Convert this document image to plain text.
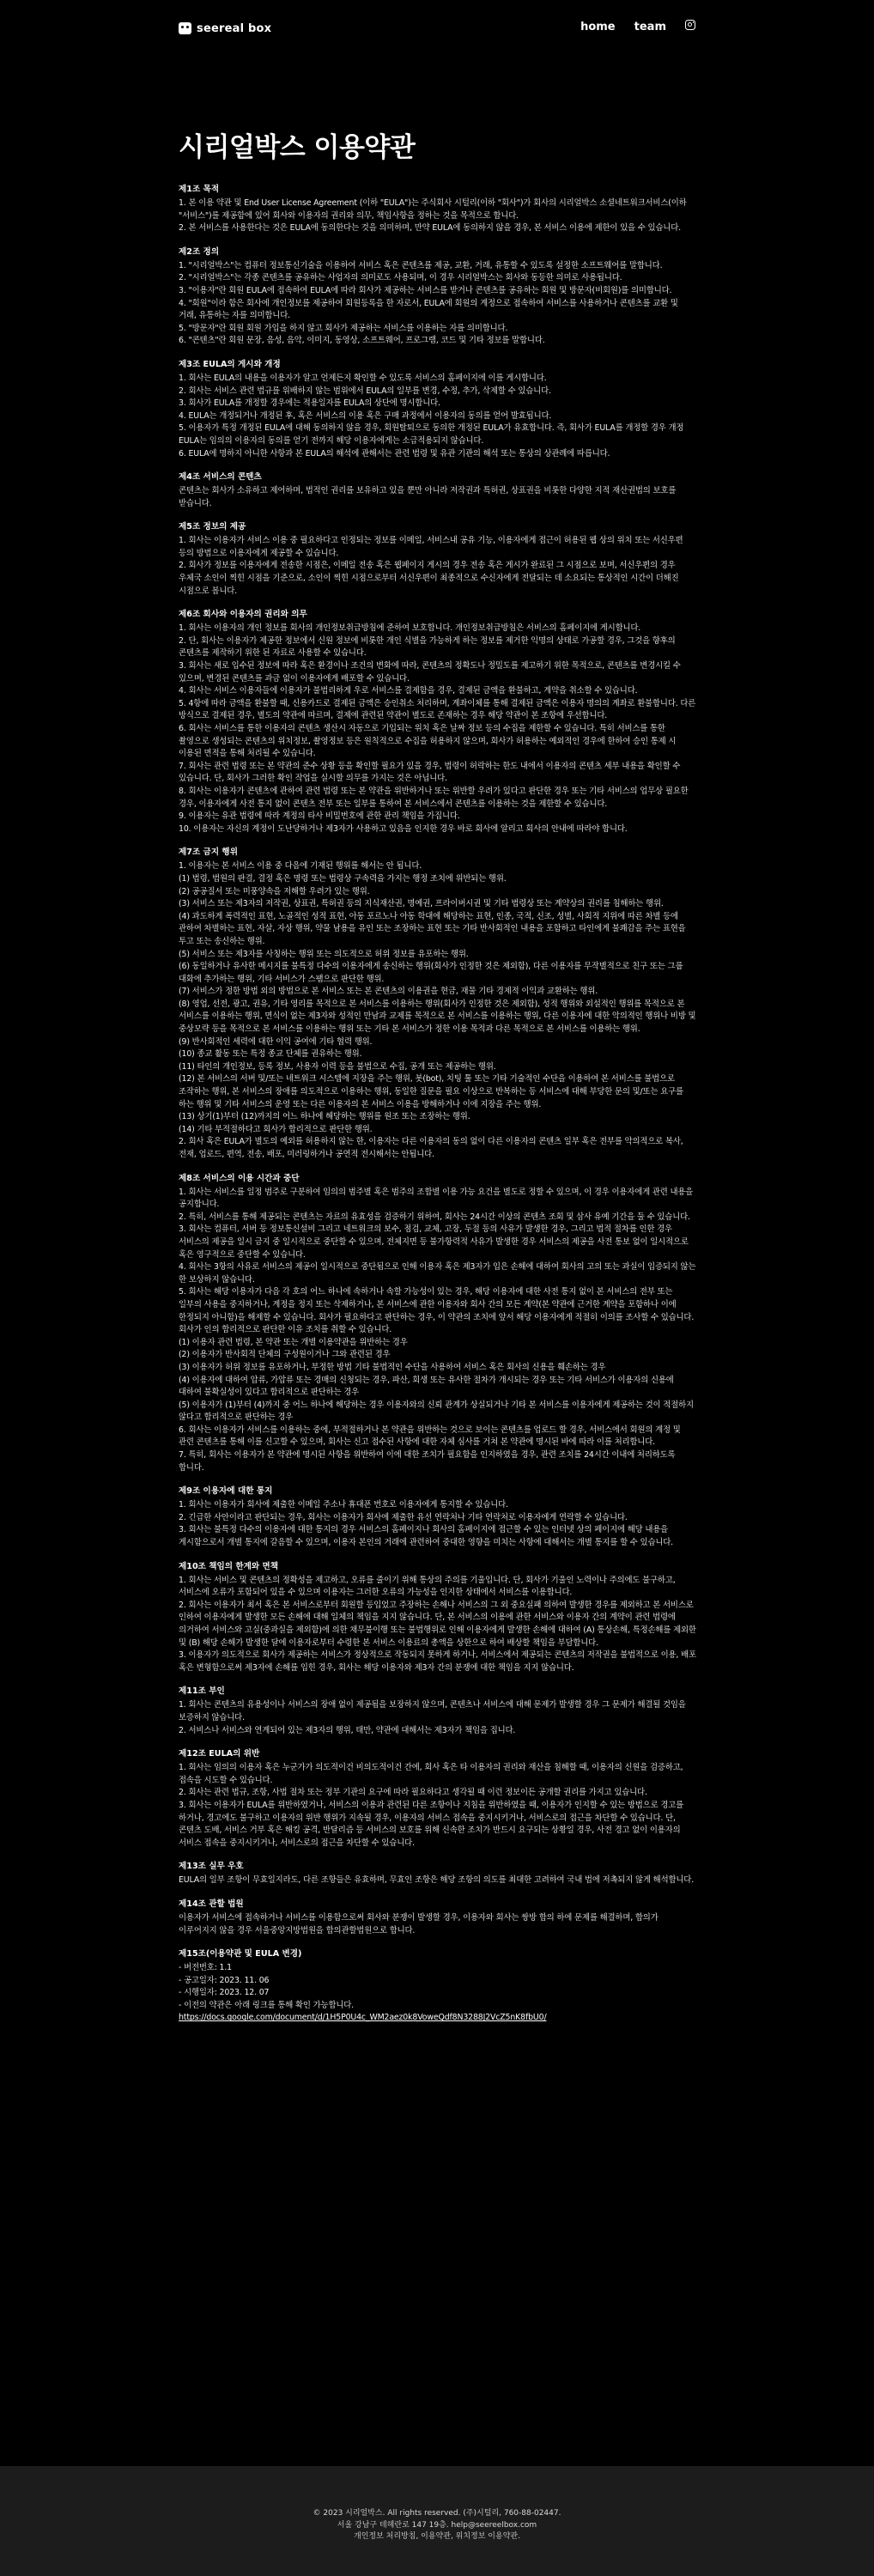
seereal box	home team
시리얼박스 이용약관
제1조 목적

1. 본 이용 약관 및 End User License Agreement (이하 "EULA")는 주식회사 시털리(이하 "회사")가 회사의 시리얼박스 소셜네트워크서비스(이하 "서비스")를 제공함에 있어 회사와 이용자의 권리와 의무, 책임사항을 정하는 것을 목적으로 합니다.

2. 본 서비스를 사용한다는 것은 EULA에 동의한다는 것을 의미하며, 만약 EULA에 동의하지 않을 경우, 본 서비스 이용에 제한이 있을 수 있습니다.

제2조 정의

1. "시리얼박스"는 컴퓨터 정보통신기술을 이용하여 서비스 혹은 콘텐츠를 제공, 교환, 거래, 유통할 수 있도록 설정한 소프트웨어를 말합니다.

2. "시리얼박스"는 각종 콘텐츠를 공유하는 사업자의 의미로도 사용되며, 이 경우 시리얼박스는 회사와 동등한 의미로 사용됩니다.

3. "이용자"란 회원 EULA에 접속하여 EULA에 따라 회사가 제공하는 서비스를 받거나 콘텐츠를 공유하는 회원 및 방문자(비회원)를 의미합니다.

4. "회원"이라 함은 회사에 개인정보를 제공하여 회원등록을 한 자로서, EULA에 회원의 계정으로 접속하여 서비스를 사용하거나 콘텐츠를 교환 및 거래, 유통하는 자를 의미합니다.

5. "방문자"란 회원 회원 가입을 하지 않고 회사가 제공하는 서비스를 이용하는 자를 의미합니다.

6. "콘텐츠"란 회원 문장, 음성, 음악, 이미지, 동영상, 소프트웨어, 프로그램, 코드 및 기타 정보를 말합니다.

제3조 EULA의 게시와 개정

1. 회사는 EULA의 내용을 이용자가 알고 언제든지 확인할 수 있도록 서비스의 홈페이지에 이를 게시합니다.

2. 회사는 서비스 관련 법규를 위배하지 않는 범위에서 EULA의 일부를 변경, 수정, 추가, 삭제할 수 있습니다.

3. 회사가 EULA를 개정할 경우에는 적용일자를 EULA의 상단에 명시합니다.

4. EULA는 개정되거나 개정된 후, 혹은 서비스의 이용 혹은 구매 과정에서 이용자의 동의를 얻어 발효됩니다.

5. 이용자가 특정 개정된 EULA에 대해 동의하지 않을 경우, 회원탈퇴으로 동의한 개정된 EULA가 유효합니다. 즉, 회사가 EULA를 개정할 경우 개정 EULA는 임의의 이용자의 동의를 얻기 전까지 해당 이용자에게는 소급적용되지 않습니다.

6. EULA에 명하지 아니한 사항과 본 EULA의 해석에 관해서는 관련 법령 및 유관 기관의 해석 또는 통상의 상관례에 따릅니다.

제4조 서비스의 콘텐츠

콘텐츠는 회사가 소유하고 제어하며, 법적인 권리를 보유하고 있을 뿐만 아니라 저작권과 특허권, 상표권을 비롯한 다양한 지적 재산권법의 보호를 받습니다.

제5조 정보의 제공

1. 회사는 이용자가 서비스 이용 중 필요하다고 인정되는 정보를 이메일, 서비스내 공유 기능, 이용자에게 접근이 허용된 웹 상의 위치 또는 서신우편 등의 방법으로 이용자에게 제공할 수 있습니다.

2. 회사가 정보를 이용자에게 전송한 시점은, 이메일 전송 혹은 웹페이지 게시의 경우 전송 혹은 게시가 완료된 그 시점으로 보며, 서신우편의 경우 우체국 소인이 찍힌 시점을 기준으로, 소인이 찍힌 시점으로부터 서신우편이 최종적으로 수신자에게 전달되는 데 소요되는 통상적인 시간이 더해진 시점으로 봅니다.

제6조 회사와 이용자의 권리와 의무

1. 회사는 이용자의 개인 정보를 회사의 개인정보취급방침에 준하여 보호합니다. 개인정보취급방침은 서비스의 홈페이지에 게시합니다.

2. 단, 회사는 이용자가 제공한 정보에서 신원 정보에 비롯한 개인 식별을 가능하게 하는 정보를 제거한 익명의 상태로 가공할 경우, 그것을 향후의 콘텐츠를 제작하기 위한 된 자료로 사용할 수 있습니다.

3. 회사는 새로 입수된 정보에 따라 혹은 환경이나 조건의 변화에 따라, 콘텐츠의 정확도나 정밀도를 제고하기 위한 목적으로, 콘텐츠를 변경시킬 수 있으며, 변경된 콘텐츠를 과금 없이 이용자에게 배포할 수 있습니다.

4. 회사는 서비스 이용자들에 이용자가 불법리하게 우로 서비스를 결제함을 경우, 결제된 금액을 환불하고, 계약을 취소할 수 있습니다.

5. 4항에 따라 금액을 환불할 때, 신용카드로 결제된 금액은 승인취소 처리하며, 계좌이체를 통해 결제된 금액은 이용자 명의의 계좌로 환불합니다. 다른 방식으로 결제된 경우, 별도의 약관에 따르며, 결제에 관련된 약관이 별도로 존재하는 경우 해당 약관이 본 조항에 우선합니다.

6. 회사는 서비스를 통한 이용자의 콘텐츠 생산시 자동으로 기입되는 위치 혹은 날짜 정보 등의 수집을 제한할 수 있습니다. 특히 서비스를 통한 촬영으로 생성되는 콘텐츠의 위치정보, 촬영정보 등은 원칙적으로 수집을 허용하지 않으며, 회사가 허용하는 예외적인 경우에 한하여 승인 통제 시 이용된 면적을 통해 처리될 수 있습니다.

7. 회사는 관련 법령 또는 본 약관의 준수 상황 등을 확인할 필요가 있을 경우, 법령이 허락하는 한도 내에서 이용자의 콘텐츠 세부 내용을 확인할 수 있습니다. 단, 회사가 그러한 확인 작업을 실시할 의무를 가지는 것은 아닙니다.

8. 회사는 이용자가 콘텐츠에 관하여 관련 법령 또는 본 약관을 위반하거나 또는 위반할 우려가 있다고 판단한 경우 또는 기타 서비스의 업무상 필요한 경우, 이용자에게 사전 통지 없이 콘텐츠 전부 또는 일부를 통하여 본 서비스에서 콘텐츠를 이용하는 것을 제한할 수 있습니다.

9. 이용자는 유관 법령에 따라 계정의 타사 비밀번호에 관한 관리 책임을 가집니다.

10. 이용자는 자신의 계정이 도난당하거나 제3자가 사용하고 있음을 인지한 경우 바로 회사에 알리고 회사의 안내에 따라야 합니다.

제7조 금지 행위

1. 이용자는 본 서비스 이용 중 다음에 기재된 행위를 해서는 안 됩니다.

(1) 법령, 법원의 판결, 결정 혹은 명령 또는 법령상 구속력을 가지는 행정 조치에 위반되는 행위.

(2) 공공질서 또는 미풍양속을 저해할 우려가 있는 행위.

(3) 서비스 또는 제3자의 저작권, 상표권, 특허권 등의 지식재산권, 명예권, 프라이버시권 및 기타 법령상 또는 계약상의 권리를 침해하는 행위.

(4) 과도하게 폭력적인 표현, 노골적인 성적 표현, 아동 포르노나 아동 학대에 해당하는 표현, 인종, 국적, 신조, 성별, 사회적 지위에 따른 차별 등에 관하여 차별하는 표현, 자살, 자상 행위, 약물 남용을 유인 또는 조장하는 표현 또는 기타 반사회적인 내용을 포함하고 타인에게 불쾌감을 주는 표현을 투고 또는 송신하는 행위.

(5) 서비스 또는 제3자를 사칭하는 행위 또는 의도적으로 허위 정보를 유포하는 행위.

(6) 동일하거나 유사한 메시지를 불특정 다수의 이용자에게 송신하는 행위(회사가 인정한 것은 제외함), 다른 이용자를 무작별적으로 친구 또는 그룹 대화에 추가하는 행위, 기타 서비스가 스팸으로 판단한 행위.

(7) 서비스가 정한 방법 외의 방법으로 본 서비스 또는 본 콘텐츠의 이용권을 현금, 재물 기타 경제적 이익과 교환하는 행위.

(8) 영업, 선전, 광고, 권유, 기타 영리를 목적으로 본 서비스를 이용하는 행위(회사가 인정한 것은 제외함), 성적 행위와 외설적인 행위를 목적으로 본 서비스를 이용하는 행위, 면식이 없는 제3자와 성적인 만남과 교제를 목적으로 본 서비스를 이용하는 행위, 다른 이용자에 대한 악의적인 행위나 비방 및 중상모략 등을 목적으로 본 서비스를 이용하는 행위 또는 기타 본 서비스가 정한 이용 목적과 다른 목적으로 본 서비스를 이용하는 행위.

(9) 반사회적인 세력에 대한 이익 공여에 기타 협력 행위.

(10) 종교 활동 또는 특정 종교 단체를 권유하는 행위.

(11) 타인의 개인정보, 등록 정보, 사용자 이력 등을 불법으로 수집, 공개 또는 제공하는 행위.

(12) 본 서비스의 서버 및/또는 네트워크 시스템에 지장을 주는 행위, 봇(bot), 치팅 툴 또는 기타 기술적인 수단을 이용하여 본 서비스를 불법으로 조작하는 행위, 본 서비스의 장애를 의도적으로 이용하는 행위, 동일한 질문을 필요 이상으로 반복하는 등 서비스에 대해 부당한 문의 및/또는 요구를 하는 행위 및 기타 서비스의 운영 또는 다른 이용자의 본 서비스 이용을 방해하거나 이에 지장을 주는 행위.

(13) 상기(1)부터 (12)까지의 어느 하나에 해당하는 행위를 원조 또는 조장하는 행위.

(14) 기타 부적절하다고 회사가 합리적으로 판단한 행위.

2. 회사 혹은 EULA가 별도의 예외를 허용하지 않는 한, 이용자는 다른 이용자의 동의 없이 다른 이용자의 콘텐츠 일부 혹은 전부를 악의적으로 복사, 전재, 업로드, 편역, 전송, 배포, 미러링하거나 공연적 전시해서는 안됩니다.

제8조 서비스의 이용 시간과 중단

1. 회사는 서비스를 일정 범주로 구분하여 임의의 범주별 혹은 범주의 조합별 이용 가능 요건을 별도로 정할 수 있으며, 이 경우 이용자에게 관련 내용을 공지합니다.

2. 특히, 서비스를 통해 제공되는 콘텐츠는 자료의 유효성을 검증하기 위하여, 회사는 24시간 이상의 콘텐츠 조회 및 삼사 유예 기간을 둘 수 있습니다.

3. 회사는 컴퓨터, 서버 등 정보통신설비 그리고 네트워크의 보수, 점검, 교체, 고장, 두절 등의 사유가 발생한 경우, 그리고 법적 절차를 인한 경우 서비스의 제공을 일시 금지 중 일시적으로 중단할 수 있으며, 전체지면 등 불가항력적 사유가 발생한 경우 서비스의 제공을 사전 통보 없이 일시적으로 혹은 영구적으로 중단할 수 있습니다.

4. 회사는 3항의 사유로 서비스의 제공이 일시적으로 중단됨으로 인해 이용자 혹은 제3자가 입은 손해에 대하여 회사의 고의 또는 과실이 입증되지 않는 한 보상하지 않습니다.

5. 회사는 해당 이용자가 다음 각 호의 어느 하나에 속하거나 속할 가능성이 있는 경우, 해당 이용자에 대한 사전 통지 없이 본 서비스의 전부 또는 일부의 사용을 중지하거나, 계정을 정지 또는 삭제하거나, 본 서비스에 관한 이용자와 회사 간의 모든 계약(본 약관에 근거한 계약을 포함하나 이에 한정되지 아니함)을 해제할 수 있습니다. 회사가 필요하다고 판단하는 경우, 이 약관의 조치에 앞서 해당 이용자에게 적절히 이의를 조사할 수 있습니다. 회사가 인의 합리적으로 판단한 이유 조치를 취할 수 있습니다.

(1) 이용자 관련 법령, 본 약관 또는 개별 이용약관을 위반하는 경우

(2) 이용자가 반사회적 단체의 구성원이거나 그와 관련된 경우

(3) 이용자가 허위 정보를 유포하거나, 부정한 방법 기타 불법적인 수단을 사용하여 서비스 혹은 회사의 신용을 훼손하는 경우

(4) 이용자에 대하여 압류, 가압류 또는 경매의 신청되는 경우, 파산, 회생 또는 유사한 절차가 개시되는 경우 또는 기타 서비스가 이용자의 신용에 대하여 불확실성이 있다고 합리적으로 판단하는 경우

(5) 이용자가 (1)부터 (4)까지 중 어느 하나에 해당하는 경우 이용자와의 신뢰 관계가 상실되거나 기타 본 서비스를 이용자에게 제공하는 것이 적절하지 않다고 합리적으로 판단하는 경우

6. 회사는 이용자가 서비스를 이용하는 중에, 부적절하거나 본 약관을 위반하는 것으로 보이는 콘텐츠를 업로드 할 경우, 서비스에서 회원의 계정 및 관련 콘텐츠를 통해 이를 신고할 수 있으며, 회사는 신고 접수된 사항에 대한 자체 심사를 거쳐 본 약관에 명시된 바에 따라 이를 처리합니다.

7. 특히, 회사는 이용자가 본 약관에 명시된 사항을 위반하여 이에 대한 조치가 필요함을 인지하였을 경우, 관련 조치를 24시간 이내에 처리하도록 합니다.

제9조 이용자에 대한 통지

1. 회사는 이용자가 회사에 제출한 이메일 주소나 휴대폰 번호로 이용자에게 통지할 수 있습니다.

2. 긴급한 사안이라고 판단되는 경우, 회사는 이용자가 회사에 제출한 유선 연락처나 기타 연락처로 이용자에게 연락할 수 있습니다.

3. 회사는 불특정 다수의 이용자에 대한 통지의 경우 서비스의 홈페이지나 회사의 홈페이지에 접근할 수 있는 인터넷 상의 페이지에 해당 내용을 게시함으로서 개별 통지에 갈음할 수 있으며, 이용자 본인의 거래에 관련하여 중대한 영향을 미치는 사항에 대해서는 개별 통지를 할 수 있습니다.

제10조 책임의 한계와 면책

1. 회사는 서비스 및 콘텐츠의 정확성을 제고하고, 오류를 줄이기 위해 통상의 주의를 기울입니다. 단, 회사가 기울인 노력이나 주의에도 불구하고, 서비스에 오류가 포함되어 있을 수 있으며 이용자는 그러한 오류의 가능성을 인지한 상태에서 서비스를 이용합니다.

2. 회사는 이용자가 최서 혹은 본 서비스로부터 회원할 등입었고 주장하는 손해나 서비스의 그 외 중요실패 의하여 발생한 경우를 제외하고 본 서비스로 인하여 이용자에게 발생한 모든 손해에 대해 일체의 책임을 지지 않습니다. 단, 본 서비스의 이용에 관한 서비스와 이용자 간의 계약이 관련 법령에 의거하여 서비스와 고실(중과실을 제외함)에 의한 채무불이행 또는 불법행위로 인해 이용자에게 발생한 손해에 대하여 (A) 통상손해, 특정손해를 제외한 및 (B) 해당 손해가 발생한 달에 이용자로부터 수령한 본 서비스 이용료의 총액을 상한으로 하여 배상할 책임을 부담합니다.

3. 이용자가 의도적으로 회사가 제공하는 서비스가 정상적으로 작동되지 못하게 하거나, 서비스에서 제공되는 콘텐츠의 저작권을 불법적으로 이용, 배포 혹은 변형함으로써 제3자에 손해를 입힌 경우, 회사는 해당 이용자와 제3자 간의 분쟁에 대한 책임을 지지 않습니다.

제11조 부인

1. 회사는 콘텐츠의 유용성이나 서비스의 장애 없이 제공됨을 보장하지 않으며, 콘텐츠나 서비스에 대해 문제가 발생할 경우 그 문제가 해결될 것임을 보증하지 않습니다.

2. 서비스나 서비스와 연계되어 있는 제3자의 행위, 태만, 약관에 대해서는 제3자가 책임을 집니다.

제12조 EULA의 위반

1. 회사는 임의의 이용자 혹은 누군가가 의도적이건 비의도적이건 간에, 회사 혹은 타 이용자의 권리와 재산을 침해할 때, 이용자의 신원을 검증하고, 접속을 시도할 수 있습니다.

2. 회사는 관련 법규, 조항, 사법 절차 또는 정부 기관의 요구에 따라 필요하다고 생각될 때 이런 정보이든 공개할 권리를 가지고 있습니다.

3. 회사는 이용자가 EULA를 위반하였거나, 서비스의 이용과 관련된 다른 조항이나 지침을 위반하였을 때, 이용자가 인지할 수 있는 방법으로 경고를 하거나, 경고에도 불구하고 이용자의 위반 행위가 지속될 경우, 이용자의 서비스 접속을 중지시키거나, 서비스로의 접근을 차단할 수 있습니다. 단, 콘텐츠 도배, 서비스 거부 혹은 해킹 공격, 반달리즘 등 서비스의 보호를 위해 신속한 조치가 반드시 요구되는 상황일 경우, 사전 경고 없이 이용자의 서비스 접속을 중지시키거나, 서비스로의 접근을 차단할 수 있습니다.

제13조 실무 우호

EULA의 일부 조항이 무효일지라도, 다른 조항들은 유효하며, 무효인 조항은 해당 조항의 의도를 최대한 고려하여 국내 법에 저촉되지 않게 해석합니다.

제14조 관할 법원

이용자가 서비스에 접속하거나 서비스를 이용함으로써 회사와 분쟁이 발생할 경우, 이용자와 회사는 쌍방 합의 하에 문제를 해결하며, 합의가 이루어지지 않을 경우 서울중앙지방법원을 합의관할법원으로 합니다.

제15조(이용약관 및 EULA 변경)

- 버전번호: 1.1

- 공고일자: 2023. 11. 06

- 시행일자: 2023. 12. 07

- 이전의 약관은 아래 링크를 통해 확인 가능합니다.

https://docs.google.com/document/d/1H5P0U4c_WM2aez0k8VoweQdf8N3288J2VcZ5nK8fbU0/

© 2023 시리얼박스. All rights reserved. (주)시털리, 760-88-02447.

서울 강남구 테헤란로 147 19층. help@seereelbox.com

개인정보 처리방침, 이용약관, 위치정보 이용약관.
